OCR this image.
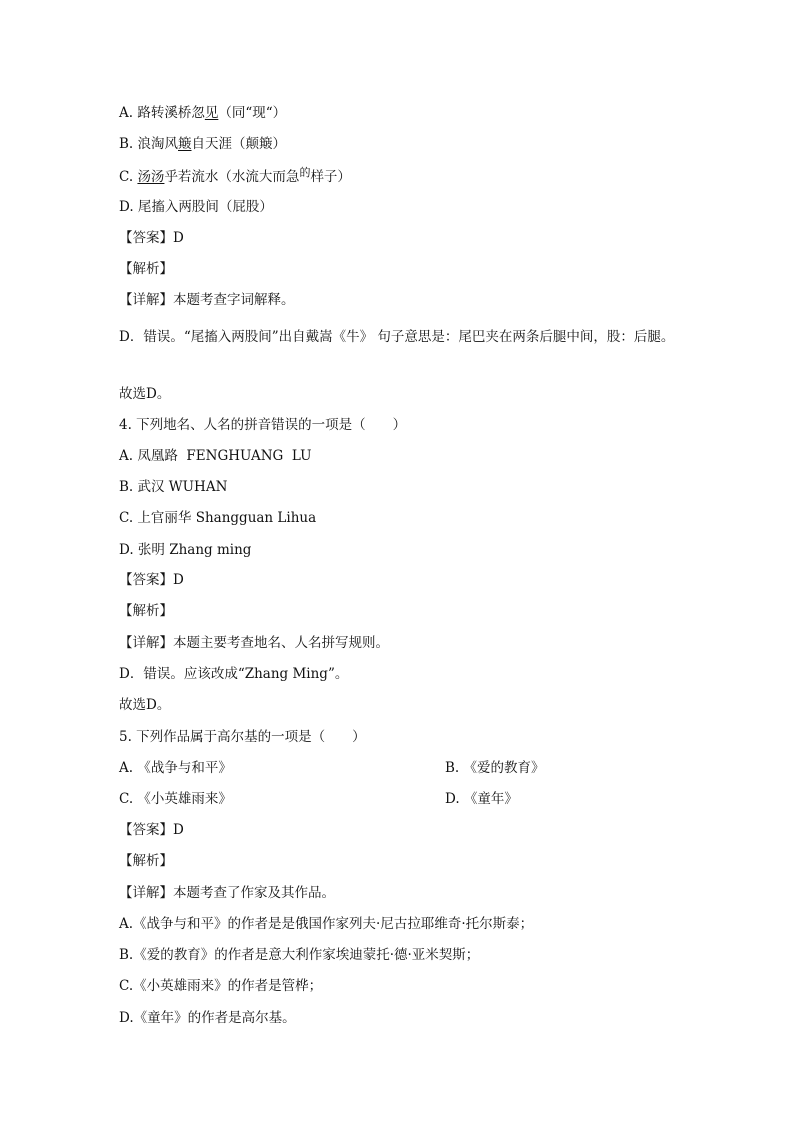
A. 路转溪桥忽见（同“现“）
B. 浪淘风簸自天涯（颠簸）
C. 汤汤乎若流水（水流大而急$^的$样子）
D. 尾搐入两股间（屁股）
【答案】D
【解析】
【详解】本题考查字词解释。
D．错误。“尾搐入两股间”出自戴嵩《牛》 句子意思是：尾巴夹在两条后腿中间，股：后腿。
故选D。
4. 下列地名、人名的拼音错误的一项是（　　）
A. 凤凰路  FENGHUANG  LU
B. 武汉 WUHAN
C. 上官丽华 Shangguan Lihua
D. 张明 Zhang ming
【答案】D
【解析】
【详解】本题主要考查地名、人名拼写规则。
D．错误。应该改成“Zhang Ming”。
故选D。
5. 下列作品属于高尔基的一项是（　　）
A. 《战争与和平》	B. 《爱的教育》
C. 《小英雄雨来》	D. 《童年》
【答案】D
【解析】
【详解】本题考查了作家及其作品。
A.《战争与和平》的作者是是俄国作家列夫·尼古拉耶维奇·托尔斯泰；
B.《爱的教育》的作者是意大利作家埃迪蒙托·德·亚米契斯；
C.《小英雄雨来》的作者是管桦；
D.《童年》的作者是高尔基。
